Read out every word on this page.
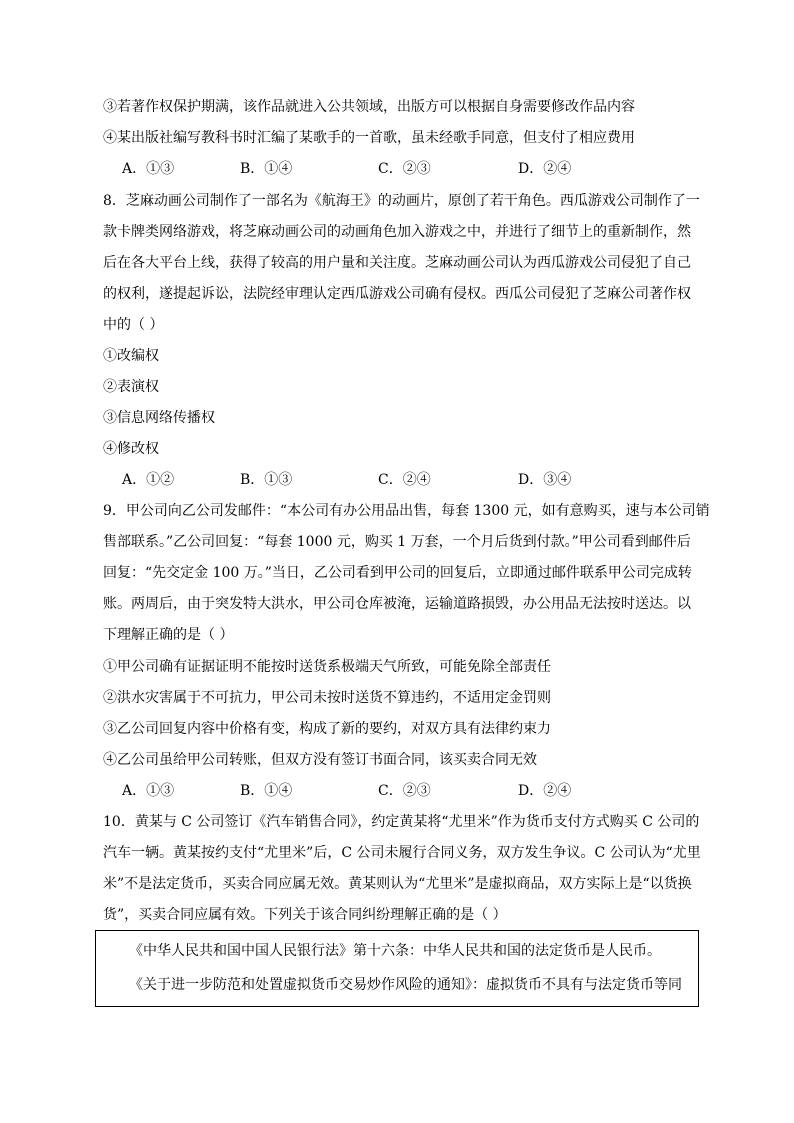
③若著作权保护期满，该作品就进入公共领域，出版方可以根据自身需要修改作品内容
④某出版社编写教科书时汇编了某歌手的一首歌，虽未经歌手同意，但支付了相应费用
A．①③	B．①④	C．②③	D．②④
8．芝麻动画公司制作了一部名为《航海王》的动画片，原创了若干角色。西瓜游戏公司制作了一
款卡牌类网络游戏，将芝麻动画公司的动画角色加入游戏之中，并进行了细节上的重新制作，然
后在各大平台上线，获得了较高的用户量和关注度。芝麻动画公司认为西瓜游戏公司侵犯了自己
的权利，遂提起诉讼，法院经审理认定西瓜游戏公司确有侵权。西瓜公司侵犯了芝麻公司著作权
中的（ ）
①改编权
②表演权
③信息网络传播权
④修改权
A．①②	B．①③	C．②④	D．③④
9．甲公司向乙公司发邮件：“本公司有办公用品出售，每套 1300 元，如有意购买，速与本公司销
售部联系。”乙公司回复：“每套 1000 元，购买 1 万套，一个月后货到付款。”甲公司看到邮件后
回复：“先交定金 100 万。”当日，乙公司看到甲公司的回复后，立即通过邮件联系甲公司完成转
账。两周后，由于突发特大洪水，甲公司仓库被淹，运输道路损毁，办公用品无法按时送达。以
下理解正确的是（ ）
①甲公司确有证据证明不能按时送货系极端天气所致，可能免除全部责任
②洪水灾害属于不可抗力，甲公司未按时送货不算违约，不适用定金罚则
③乙公司回复内容中价格有变，构成了新的要约，对双方具有法律约束力
④乙公司虽给甲公司转账，但双方没有签订书面合同，该买卖合同无效
A．①③	B．①④	C．②③	D．②④
10．黄某与 C 公司签订《汽车销售合同》，约定黄某将“尤里米”作为货币支付方式购买 C 公司的
汽车一辆。黄某按约支付“尤里米”后，C 公司未履行合同义务，双方发生争议。C 公司认为“尤里
米”不是法定货币，买卖合同应属无效。黄某则认为“尤里米”是虚拟商品，双方实际上是“以货换
货”，买卖合同应属有效。下列关于该合同纠纷理解正确的是（ ）
《中华人民共和国中国人民银行法》第十六条：中华人民共和国的法定货币是人民币。
《关于进一步防范和处置虚拟货币交易炒作风险的通知》：虚拟货币不具有与法定货币等同
